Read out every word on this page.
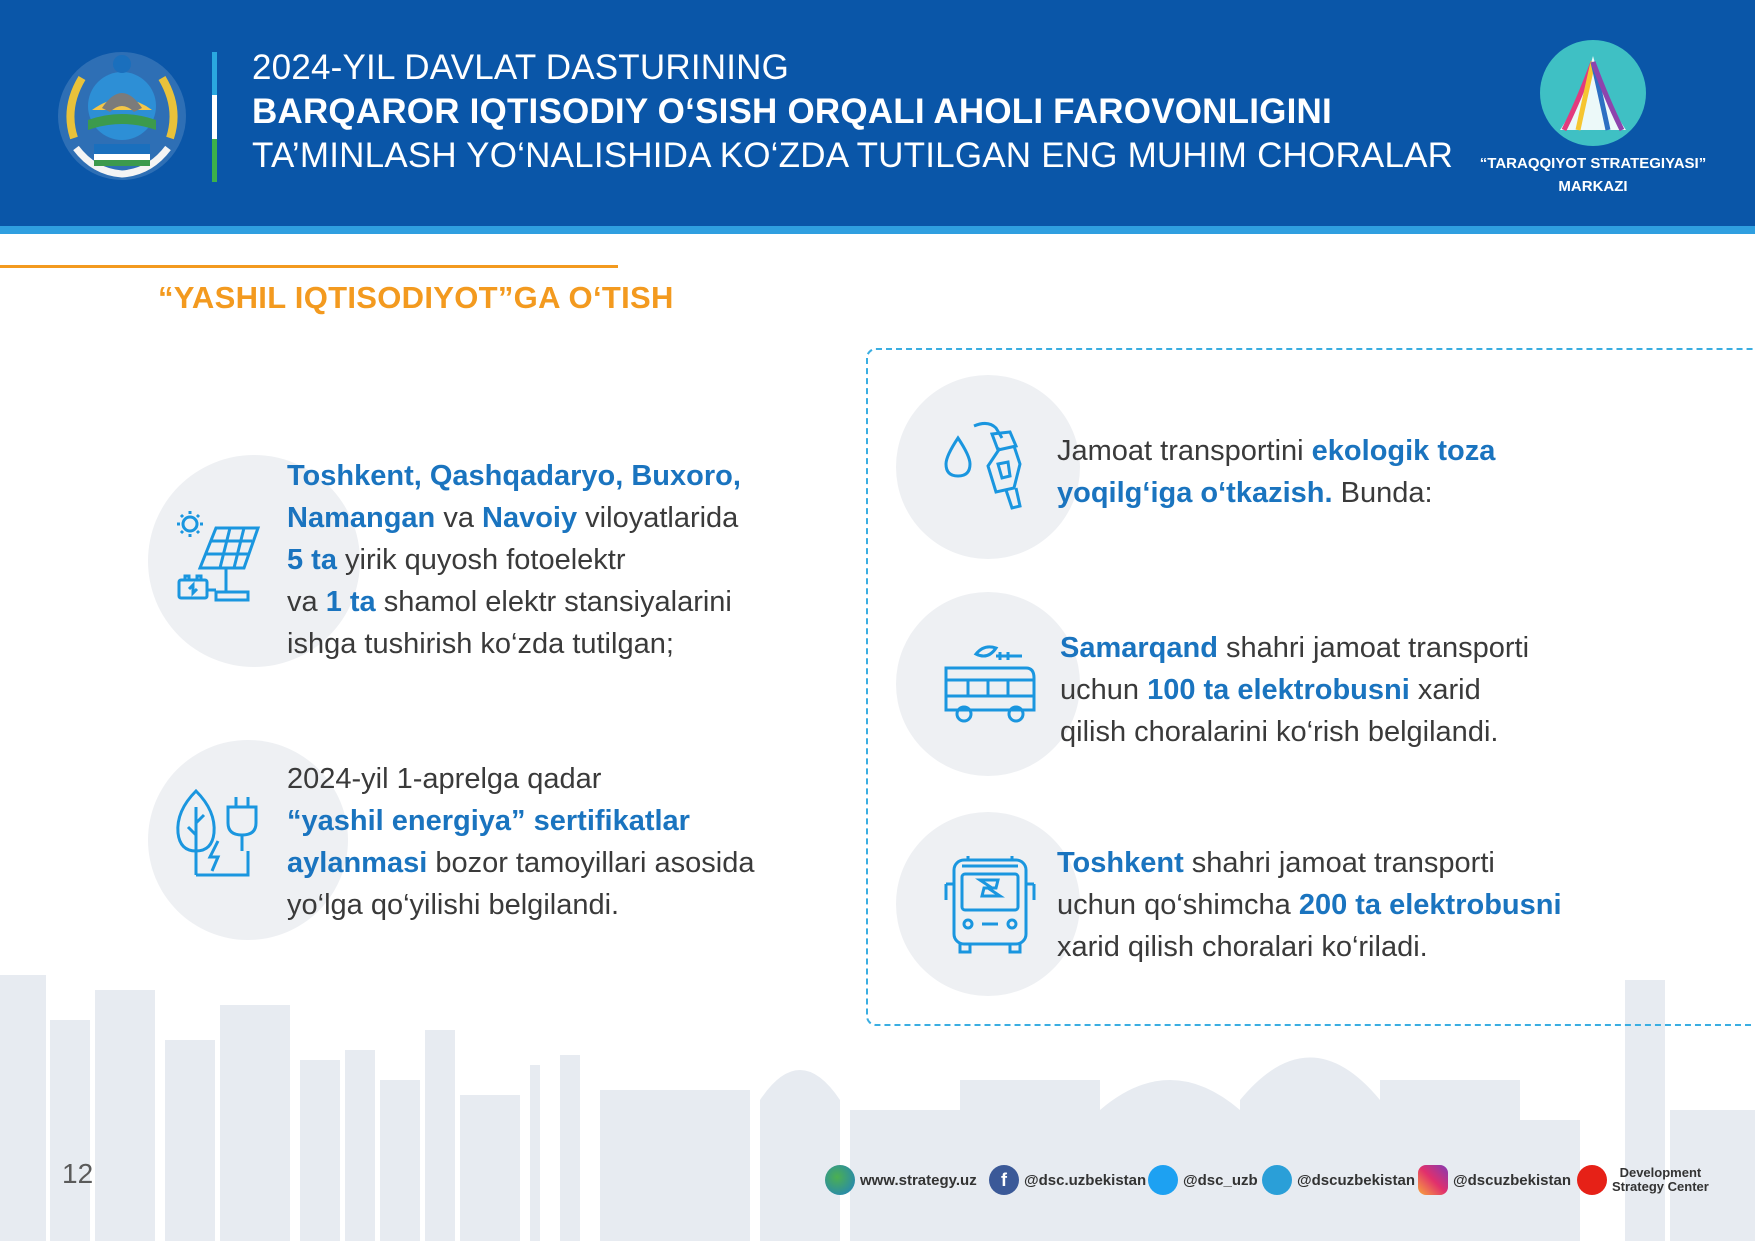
2024-YIL DAVLAT DASTURINING
BARQAROR IQTISODIY O‘SISH ORQALI AHOLI FAROVONLIGINI
TA’MINLASH YO‘NALISHIDA KO‘ZDA TUTILGAN ENG MUHIM CHORALAR	“TARAQQIYOT STRATEGIYASI”
MARKAZI
“YASHIL IQTISODIYOT”GA O‘TISH
Toshkent, Qashqadaryo, Buxoro,
Namangan va Navoiy viloyatlarida
5 ta yirik quyosh fotoelektr
va 1 ta shamol elektr stansiyalarini
ishga tushirish ko‘zda tutilgan;
2024-yil 1-aprelga qadar
“yashil energiya” sertifikatlar
aylanmasi bozor tamoyillari asosida
yo‘lga qo‘yilishi belgilandi.
Jamoat transportini ekologik toza
yoqilg‘iga o‘tkazish. Bunda:
Samarqand shahri jamoat transporti
uchun 100 ta elektrobusni xarid
qilish choralarini ko‘rish belgilandi.
Toshkent shahri jamoat transporti
uchun qo‘shimcha 200 ta elektrobusni
xarid qilish choralari ko‘riladi.
12	www.strategy.uz	f	@dsc.uzbekistan @dsc_uzb	@dscuzbekistan	@dscuzbekistan	Development
Strategy Center
